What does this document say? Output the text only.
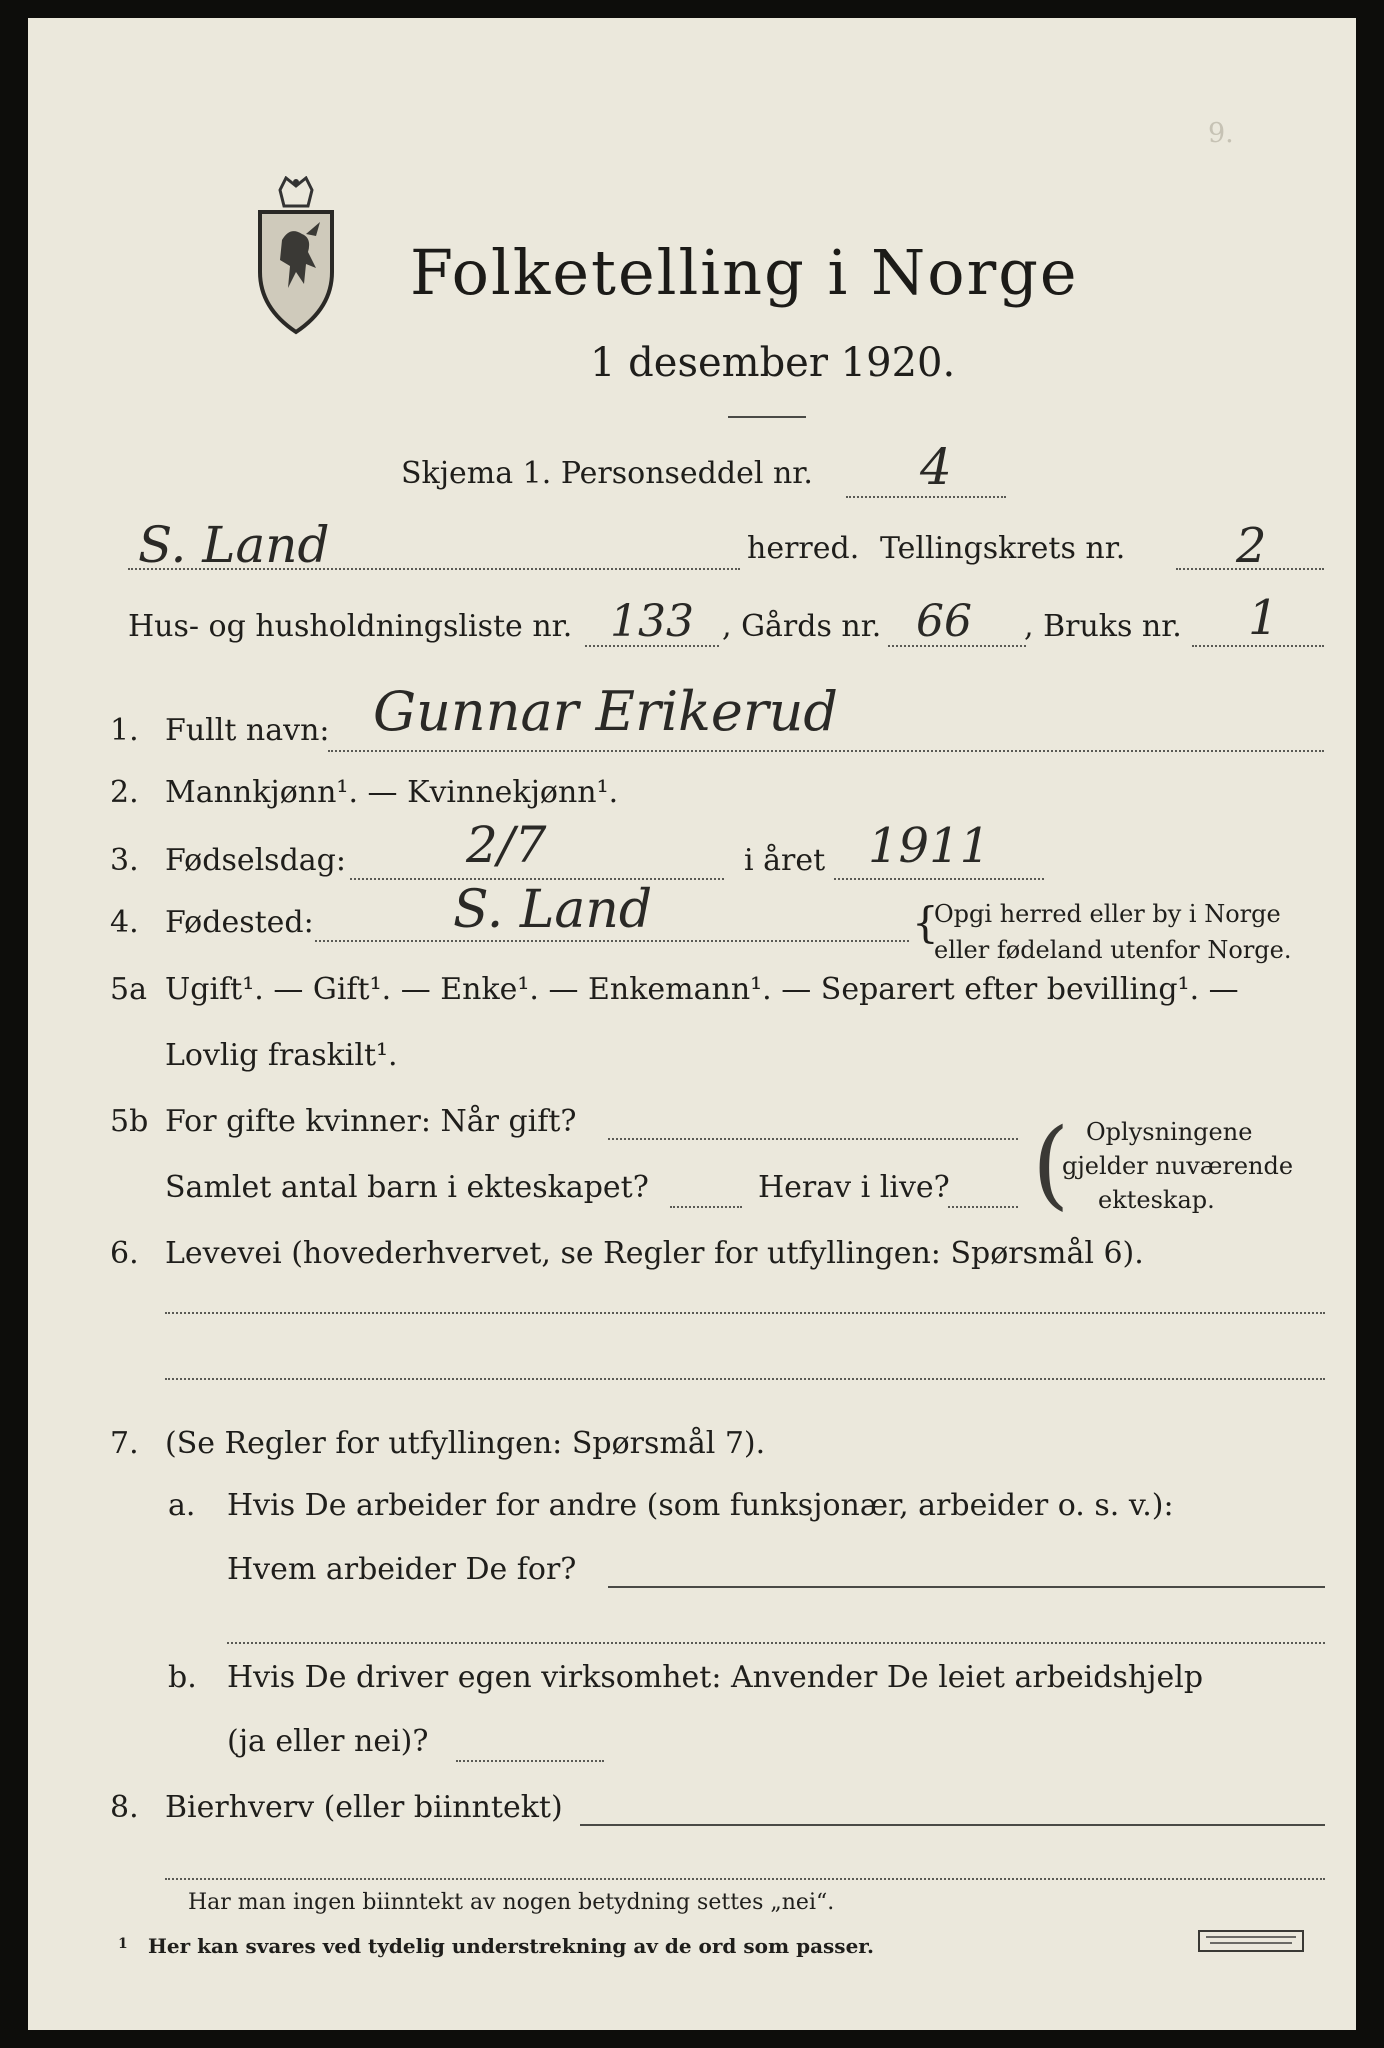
9.
Folketelling i Norge
1 desember 1920.
Skjema 1. Personseddel nr. 4
S. Land	herred. Tellingskrets nr. 2
Hus- og husholdningsliste nr. 133 , Gårds nr. 66 , Bruks nr. 1
1. Fullt navn: Gunnar Erikerud
2. Mannkjønn¹. — Kvinnekjønn¹.
3. Fødselsdag: 2/7	i året 1911
4. Fødested:	S. Land	{
Opgi herred eller by i Norge
eller fødeland utenfor Norge.
5a Ugift¹. — Gift¹. — Enke¹. — Enkemann¹. — Separert efter bevilling¹. —
Lovlig fraskilt¹.
5b For gifte kvinner: Når gift?
Samlet antal barn i ekteskapet?	Herav i live? ( Oplysningene
gjelder nuværende
ekteskap.
6. Levevei (hovederhvervet, se Regler for utfyllingen: Spørsmål 6).
7. (Se Regler for utfyllingen: Spørsmål 7).
a.	Hvis De arbeider for andre (som funksjonær, arbeider o. s. v.):
Hvem arbeider De for?
b.	Hvis De driver egen virksomhet: Anvender De leiet arbeidshjelp
(ja eller nei)?
8. Bierhverv (eller biinntekt)
Har man ingen biinntekt av nogen betydning settes „nei“.
1 Her kan svares ved tydelig understrekning av de ord som passer.
